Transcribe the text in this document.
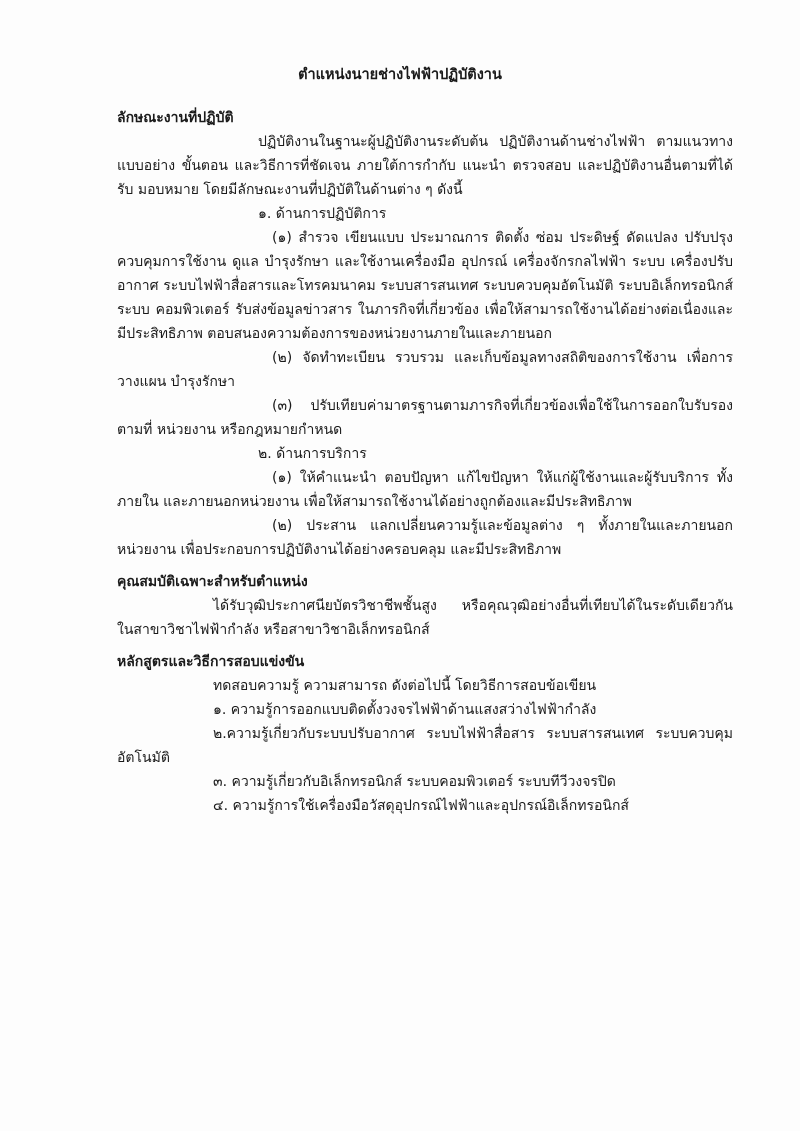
ตำแหน่งนายช่างไฟฟ้าปฏิบัติงาน
ลักษณะงานที่ปฏิบัติ

ปฏิบัติงานในฐานะผู้ปฏิบัติงานระดับต้น ปฏิบัติงานด้านช่างไฟฟ้า ตามแนวทาง แบบอย่าง ขั้นตอน และวิธีการที่ชัดเจน ภายใต้การกำกับ แนะนำ ตรวจสอบ และปฏิบัติงานอื่นตามที่ได้รับ มอบหมาย โดยมีลักษณะงานที่ปฏิบัติในด้านต่าง ๆ ดังนี้

๑. ด้านการปฏิบัติการ

(๑) สำรวจ เขียนแบบ ประมาณการ ติดตั้ง ซ่อม ประดิษฐ์ ดัดแปลง ปรับปรุง ควบคุมการใช้งาน ดูแล บำรุงรักษา และใช้งานเครื่องมือ อุปกรณ์ เครื่องจักรกลไฟฟ้า ระบบ เครื่องปรับอากาศ ระบบไฟฟ้าสื่อสารและโทรคมนาคม ระบบสารสนเทศ ระบบควบคุมอัตโนมัติ ระบบอิเล็กทรอนิกส์ ระบบ คอมพิวเตอร์ รับส่งข้อมูลข่าวสาร ในภารกิจที่เกี่ยวข้อง เพื่อให้สามารถใช้งานได้อย่างต่อเนื่องและมีประสิทธิภาพ ตอบสนองความต้องการของหน่วยงานภายในและภายนอก

(๒) จัดทำทะเบียน รวบรวม และเก็บข้อมูลทางสถิติของการใช้งาน เพื่อการ วางแผน บำรุงรักษา

(๓) ปรับเทียบค่ามาตรฐานตามภารกิจที่เกี่ยวข้องเพื่อใช้ในการออกใบรับรองตามที่ หน่วยงาน หรือกฎหมายกำหนด

๒. ด้านการบริการ

(๑) ให้คำแนะนำ ตอบปัญหา แก้ไขปัญหา ให้แก่ผู้ใช้งานและผู้รับบริการ ทั้งภายใน และภายนอกหน่วยงาน เพื่อให้สามารถใช้งานได้อย่างถูกต้องและมีประสิทธิภาพ

(๒) ประสาน แลกเปลี่ยนความรู้และข้อมูลต่าง ๆ ทั้งภายในและภายนอก หน่วยงาน เพื่อประกอบการปฏิบัติงานได้อย่างครอบคลุม และมีประสิทธิภาพ

คุณสมบัติเฉพาะสำหรับตำแหน่ง

ได้รับวุฒิประกาศนียบัตรวิชาชีพชั้นสูง หรือคุณวุฒิอย่างอื่นที่เทียบได้ในระดับเดียวกัน ในสาขาวิชาไฟฟ้ากำลัง หรือสาขาวิชาอิเล็กทรอนิกส์

หลักสูตรและวิธีการสอบแข่งขัน

ทดสอบความรู้ ความสามารถ ดังต่อไปนี้ โดยวิธีการสอบข้อเขียน

๑. ความรู้การออกแบบติดตั้งวงจรไฟฟ้าด้านแสงสว่างไฟฟ้ากำลัง

๒.ความรู้เกี่ยวกับระบบปรับอากาศ ระบบไฟฟ้าสื่อสาร ระบบสารสนเทศ ระบบควบคุม อัตโนมัติ

๓. ความรู้เกี่ยวกับอิเล็กทรอนิกส์ ระบบคอมพิวเตอร์ ระบบทีวีวงจรปิด

๔. ความรู้การใช้เครื่องมือวัสดุอุปกรณ์ไฟฟ้าและอุปกรณ์อิเล็กทรอนิกส์
